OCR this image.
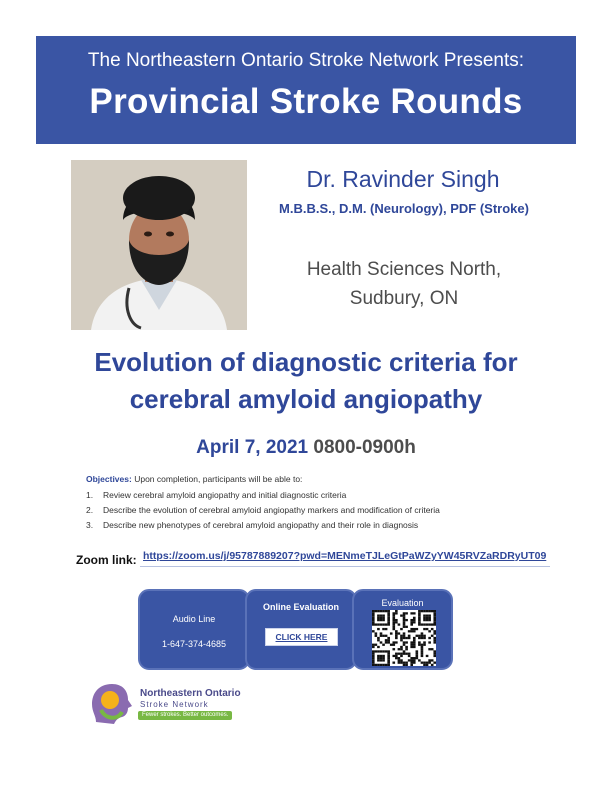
The Northeastern Ontario Stroke Network Presents:
Provincial Stroke Rounds
Dr. Ravinder Singh
M.B.B.S., D.M. (Neurology), PDF (Stroke)
Health Sciences North,
Sudbury, ON
Evolution of diagnostic criteria for
cerebral amyloid angiopathy
April 7, 2021 0800-0900h
Objectives: Upon completion, participants will be able to:
1. Review cerebral amyloid angiopathy and initial diagnostic criteria
2. Describe the evolution of cerebral amyloid angiopathy markers and modification of criteria
3. Describe new phenotypes of cerebral amyloid angiopathy and their role in diagnosis
Zoom link: https://zoom.us/j/95787889207?pwd=MENmeTJLeGtPaWZyYW45RVZaRDRyUT09
Audio Line
1-647-374-4685
Online Evaluation
CLICK HERE
Evaluation
Northeastern Ontario
Stroke Network
Fewer strokes. Better outcomes.
